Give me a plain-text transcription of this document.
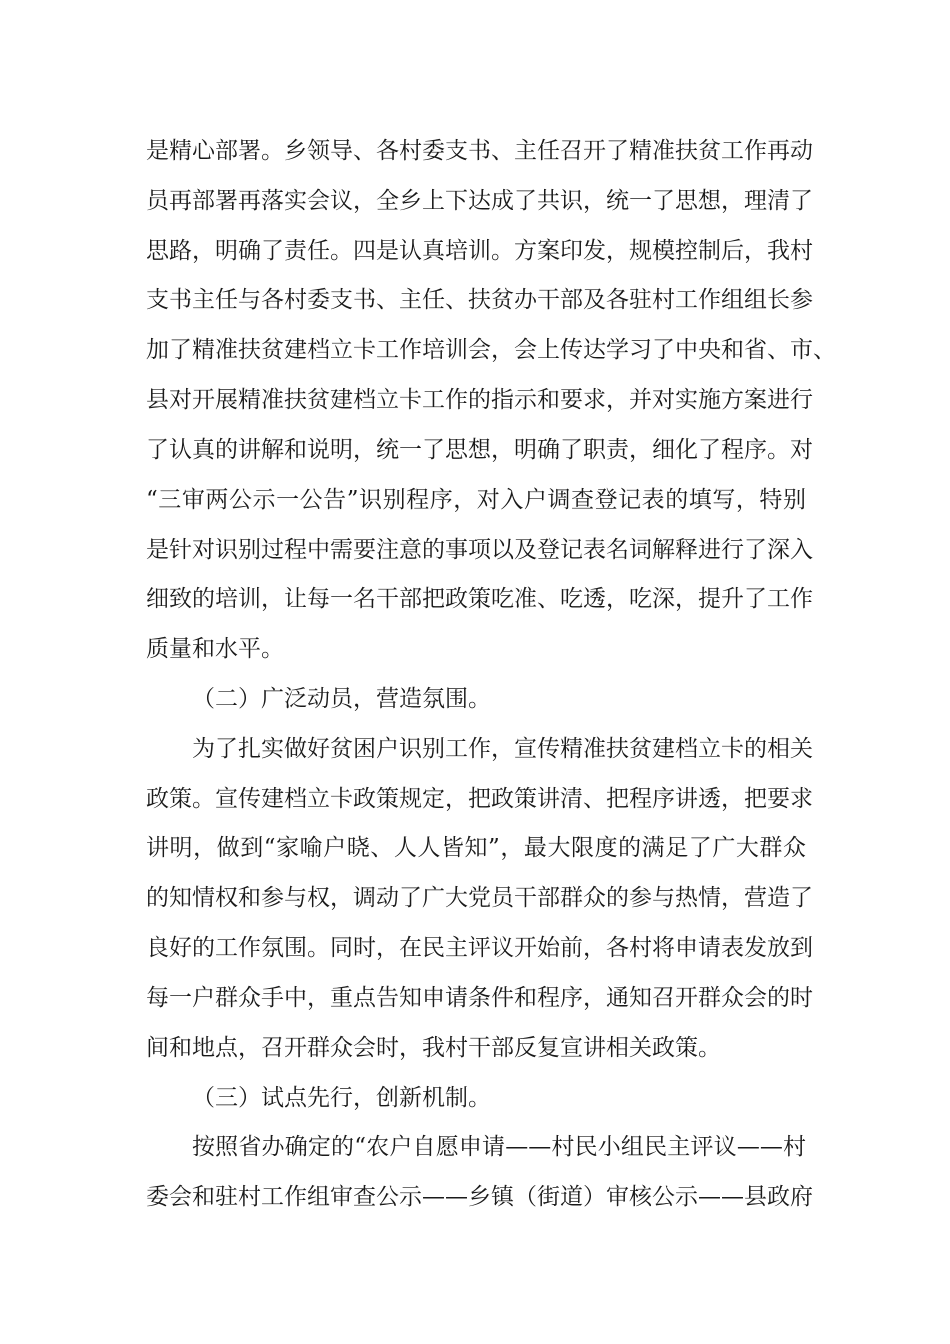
是精心部署。乡领导、各村委支书、主任召开了精准扶贫工作再动
员再部署再落实会议，全乡上下达成了共识，统一了思想，理清了
思路，明确了责任。四是认真培训。方案印发，规模控制后，我村
支书主任与各村委支书、主任、扶贫办干部及各驻村工作组组长参
加了精准扶贫建档立卡工作培训会，会上传达学习了中央和省、市、
县对开展精准扶贫建档立卡工作的指示和要求，并对实施方案进行
了认真的讲解和说明，统一了思想，明确了职责，细化了程序。对
“三审两公示一公告”识别程序，对入户调查登记表的填写，特别
是针对识别过程中需要注意的事项以及登记表名词解释进行了深入
细致的培训，让每一名干部把政策吃准、吃透，吃深，提升了工作
质量和水平。
（二）广泛动员，营造氛围。
为了扎实做好贫困户识别工作，宣传精准扶贫建档立卡的相关
政策。宣传建档立卡政策规定，把政策讲清、把程序讲透，把要求
讲明，做到“家喻户晓、人人皆知”，最大限度的满足了广大群众
的知情权和参与权，调动了广大党员干部群众的参与热情，营造了
良好的工作氛围。同时，在民主评议开始前，各村将申请表发放到
每一户群众手中，重点告知申请条件和程序，通知召开群众会的时
间和地点，召开群众会时，我村干部反复宣讲相关政策。
（三）试点先行，创新机制。
按照省办确定的“农户自愿申请——村民小组民主评议——村
委会和驻村工作组审查公示——乡镇（街道）审核公示——县政府
